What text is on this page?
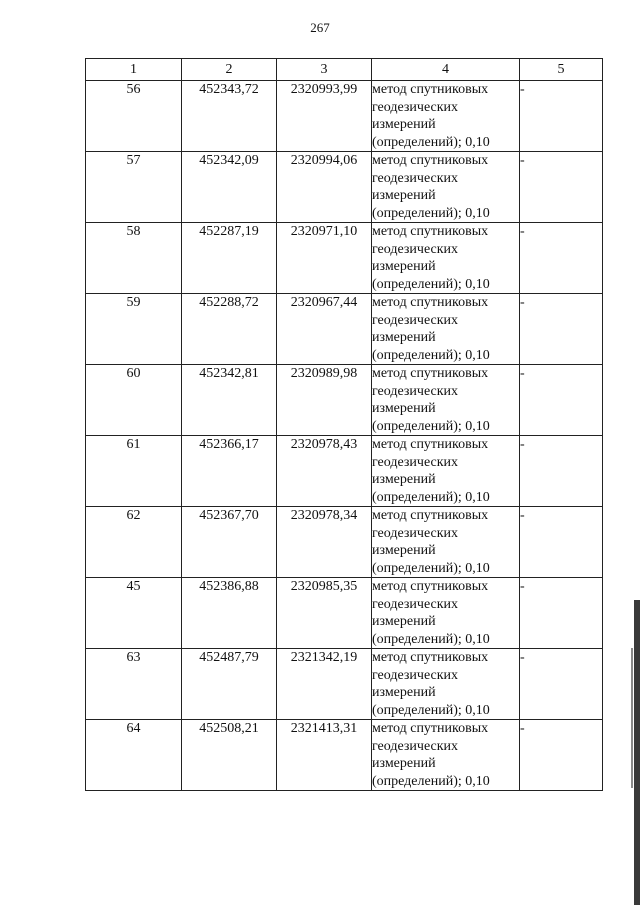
267
1	2	3	4	5
56	452343,72	2320993,99	метод спутниковых
геодезических
измерений
(определений); 0,10	-
57	452342,09	2320994,06	метод спутниковых
геодезических
измерений
(определений); 0,10	-
58	452287,19	2320971,10	метод спутниковых
геодезических
измерений
(определений); 0,10	-
59	452288,72	2320967,44	метод спутниковых
геодезических
измерений
(определений); 0,10	-
60	452342,81	2320989,98	метод спутниковых
геодезических
измерений
(определений); 0,10	-
61	452366,17	2320978,43	метод спутниковых
геодезических
измерений
(определений); 0,10	-
62	452367,70	2320978,34	метод спутниковых
геодезических
измерений
(определений); 0,10	-
45	452386,88	2320985,35	метод спутниковых
геодезических
измерений
(определений); 0,10	-
63	452487,79	2321342,19	метод спутниковых
геодезических
измерений
(определений); 0,10	-
64	452508,21	2321413,31	метод спутниковых
геодезических
измерений
(определений); 0,10	-
